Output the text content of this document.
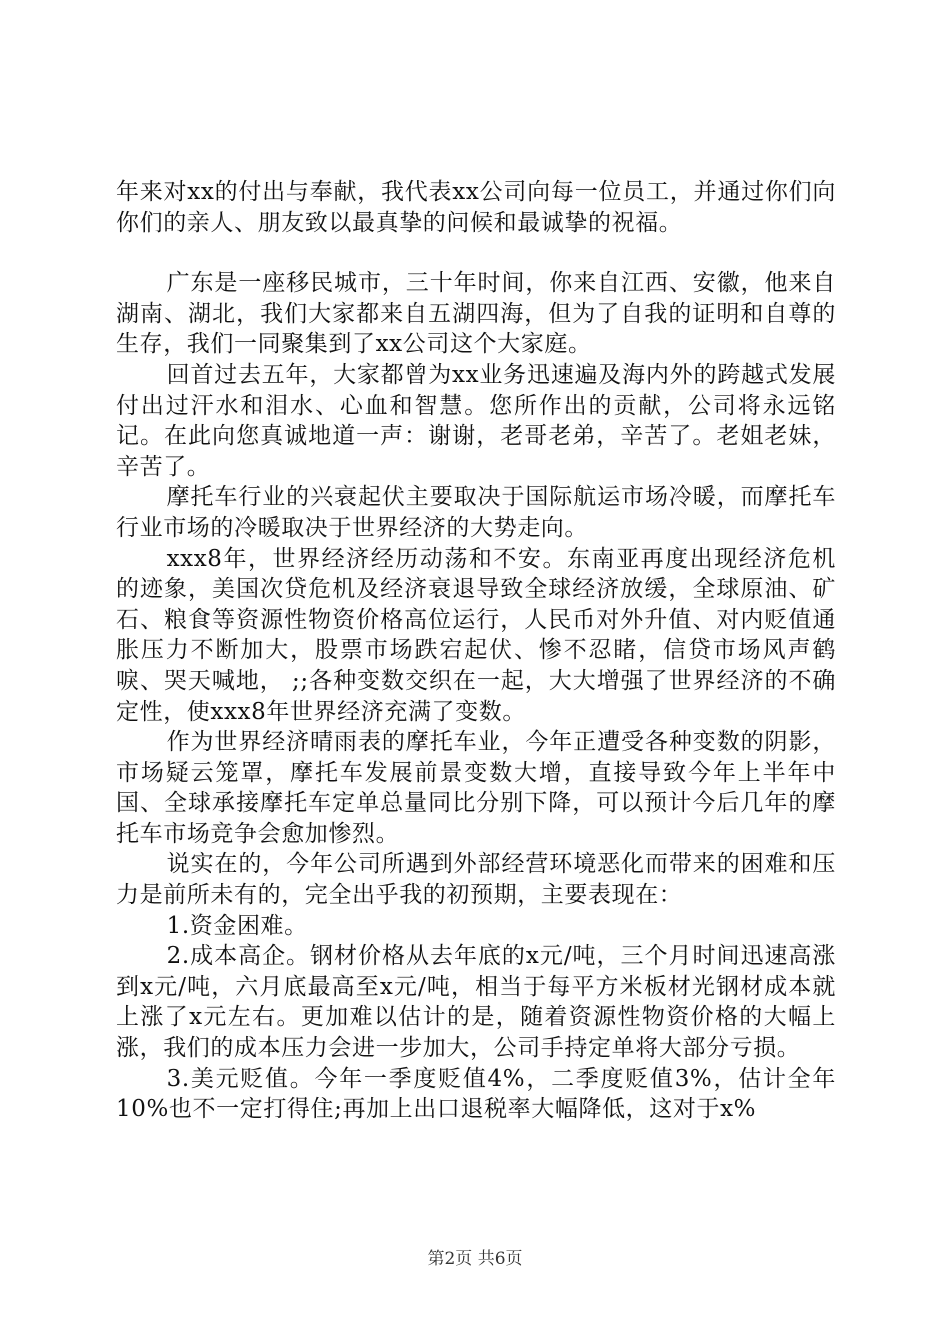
年来对xx的付出与奉献，我代表xx公司向每一位员工，并通过你们向你们的亲人、朋友致以最真挚的问候和最诚挚的祝福。

广东是一座移民城市，三十年时间，你来自江西、安徽，他来自湖南、湖北，我们大家都来自五湖四海，但为了自我的证明和自尊的生存，我们一同聚集到了xx公司这个大家庭。

回首过去五年，大家都曾为xx业务迅速遍及海内外的跨越式发展付出过汗水和泪水、心血和智慧。您所作出的贡献，公司将永远铭记。在此向您真诚地道一声：谢谢，老哥老弟，辛苦了。老姐老妹，辛苦了。

摩托车行业的兴衰起伏主要取决于国际航运市场冷暖，而摩托车行业市场的冷暖取决于世界经济的大势走向。

xxx8年，世界经济经历动荡和不安。东南亚再度出现经济危机的迹象，美国次贷危机及经济衰退导致全球经济放缓，全球原油、矿石、粮食等资源性物资价格高位运行，人民币对外升值、对内贬值通胀压力不断加大，股票市场跌宕起伏、惨不忍睹，信贷市场风声鹤唳、哭天喊地， ;;各种变数交织在一起，大大增强了世界经济的不确定性，使xxx8年世界经济充满了变数。

作为世界经济晴雨表的摩托车业，今年正遭受各种变数的阴影，市场疑云笼罩，摩托车发展前景变数大增，直接导致今年上半年中国、全球承接摩托车定单总量同比分别下降，可以预计今后几年的摩托车市场竞争会愈加惨烈。

说实在的，今年公司所遇到外部经营环境恶化而带来的困难和压力是前所未有的，完全出乎我的初预期，主要表现在：

1.资金困难。

2.成本高企。钢材价格从去年底的x元/吨，三个月时间迅速高涨到x元/吨，六月底最高至x元/吨，相当于每平方米板材光钢材成本就上涨了x元左右。更加难以估计的是，随着资源性物资价格的大幅上涨，我们的成本压力会进一步加大，公司手持定单将大部分亏损。

3.美元贬值。今年一季度贬值4%，二季度贬值3%，估计全年10%也不一定打得住;再加上出口退税率大幅降低，这对于x%

第2页 共6页
